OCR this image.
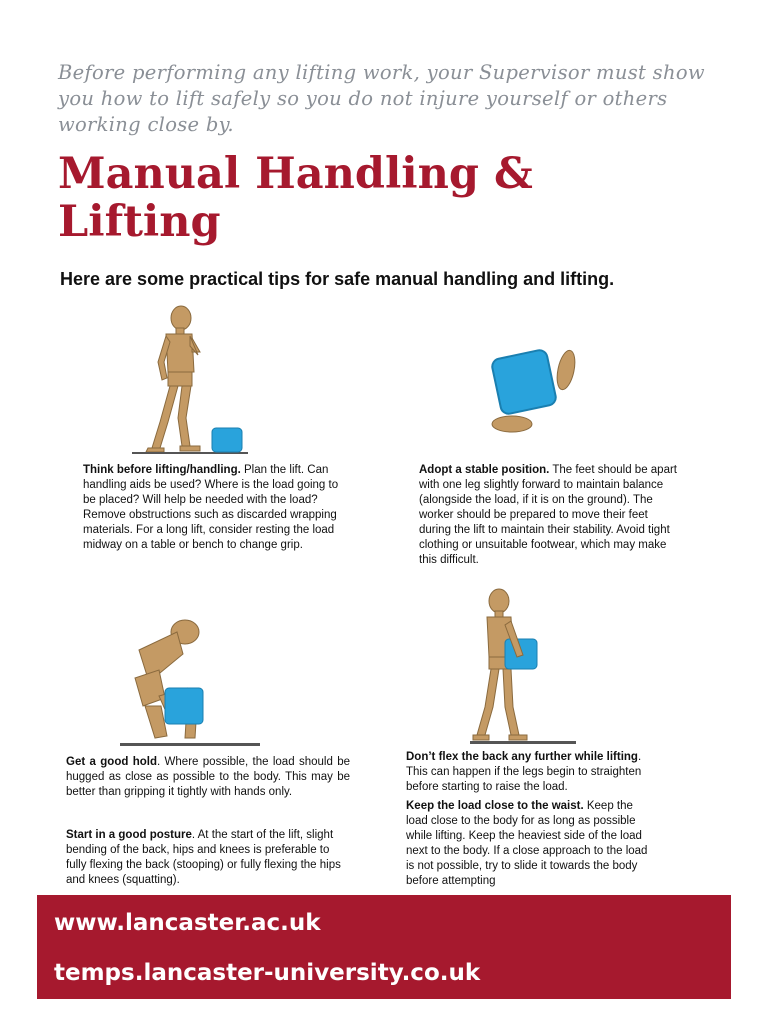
Before performing any lifting work, your Supervisor must show you how to lift safely so you do not injure yourself or others working close by.

Manual Handling &
Lifting

Here are some practical tips for safe manual handling and lifting.

Think before lifting/handling. Plan the lift. Can handling aids be used? Where is the load going to be placed? Will help be needed with the load? Remove obstructions such as discarded wrapping materials. For a long lift, consider resting the load midway on a table or bench to change grip.

Adopt a stable position. The feet should be apart with one leg slightly forward to maintain balance (alongside the load, if it is on the ground). The worker should be prepared to move their feet during the lift to maintain their stability. Avoid tight clothing or unsuitable footwear, which may make this difficult.

Get a good hold. Where possible, the load should be hugged as close as possible to the body. This may be better than gripping it tightly with hands only.

Start in a good posture. At the start of the lift, slight bending of the back, hips and knees is preferable to fully flexing the back (stooping) or fully flexing the hips and knees (squatting).

Don’t flex the back any further while lifting. This can happen if the legs begin to straighten before starting to raise the load.

Keep the load close to the waist. Keep the load close to the body for as long as possible while lifting. Keep the heaviest side of the load next to the body. If a close approach to the load is not possible, try to slide it towards the body before attempting

www.lancaster.ac.uk
temps.lancaster-university.co.uk
